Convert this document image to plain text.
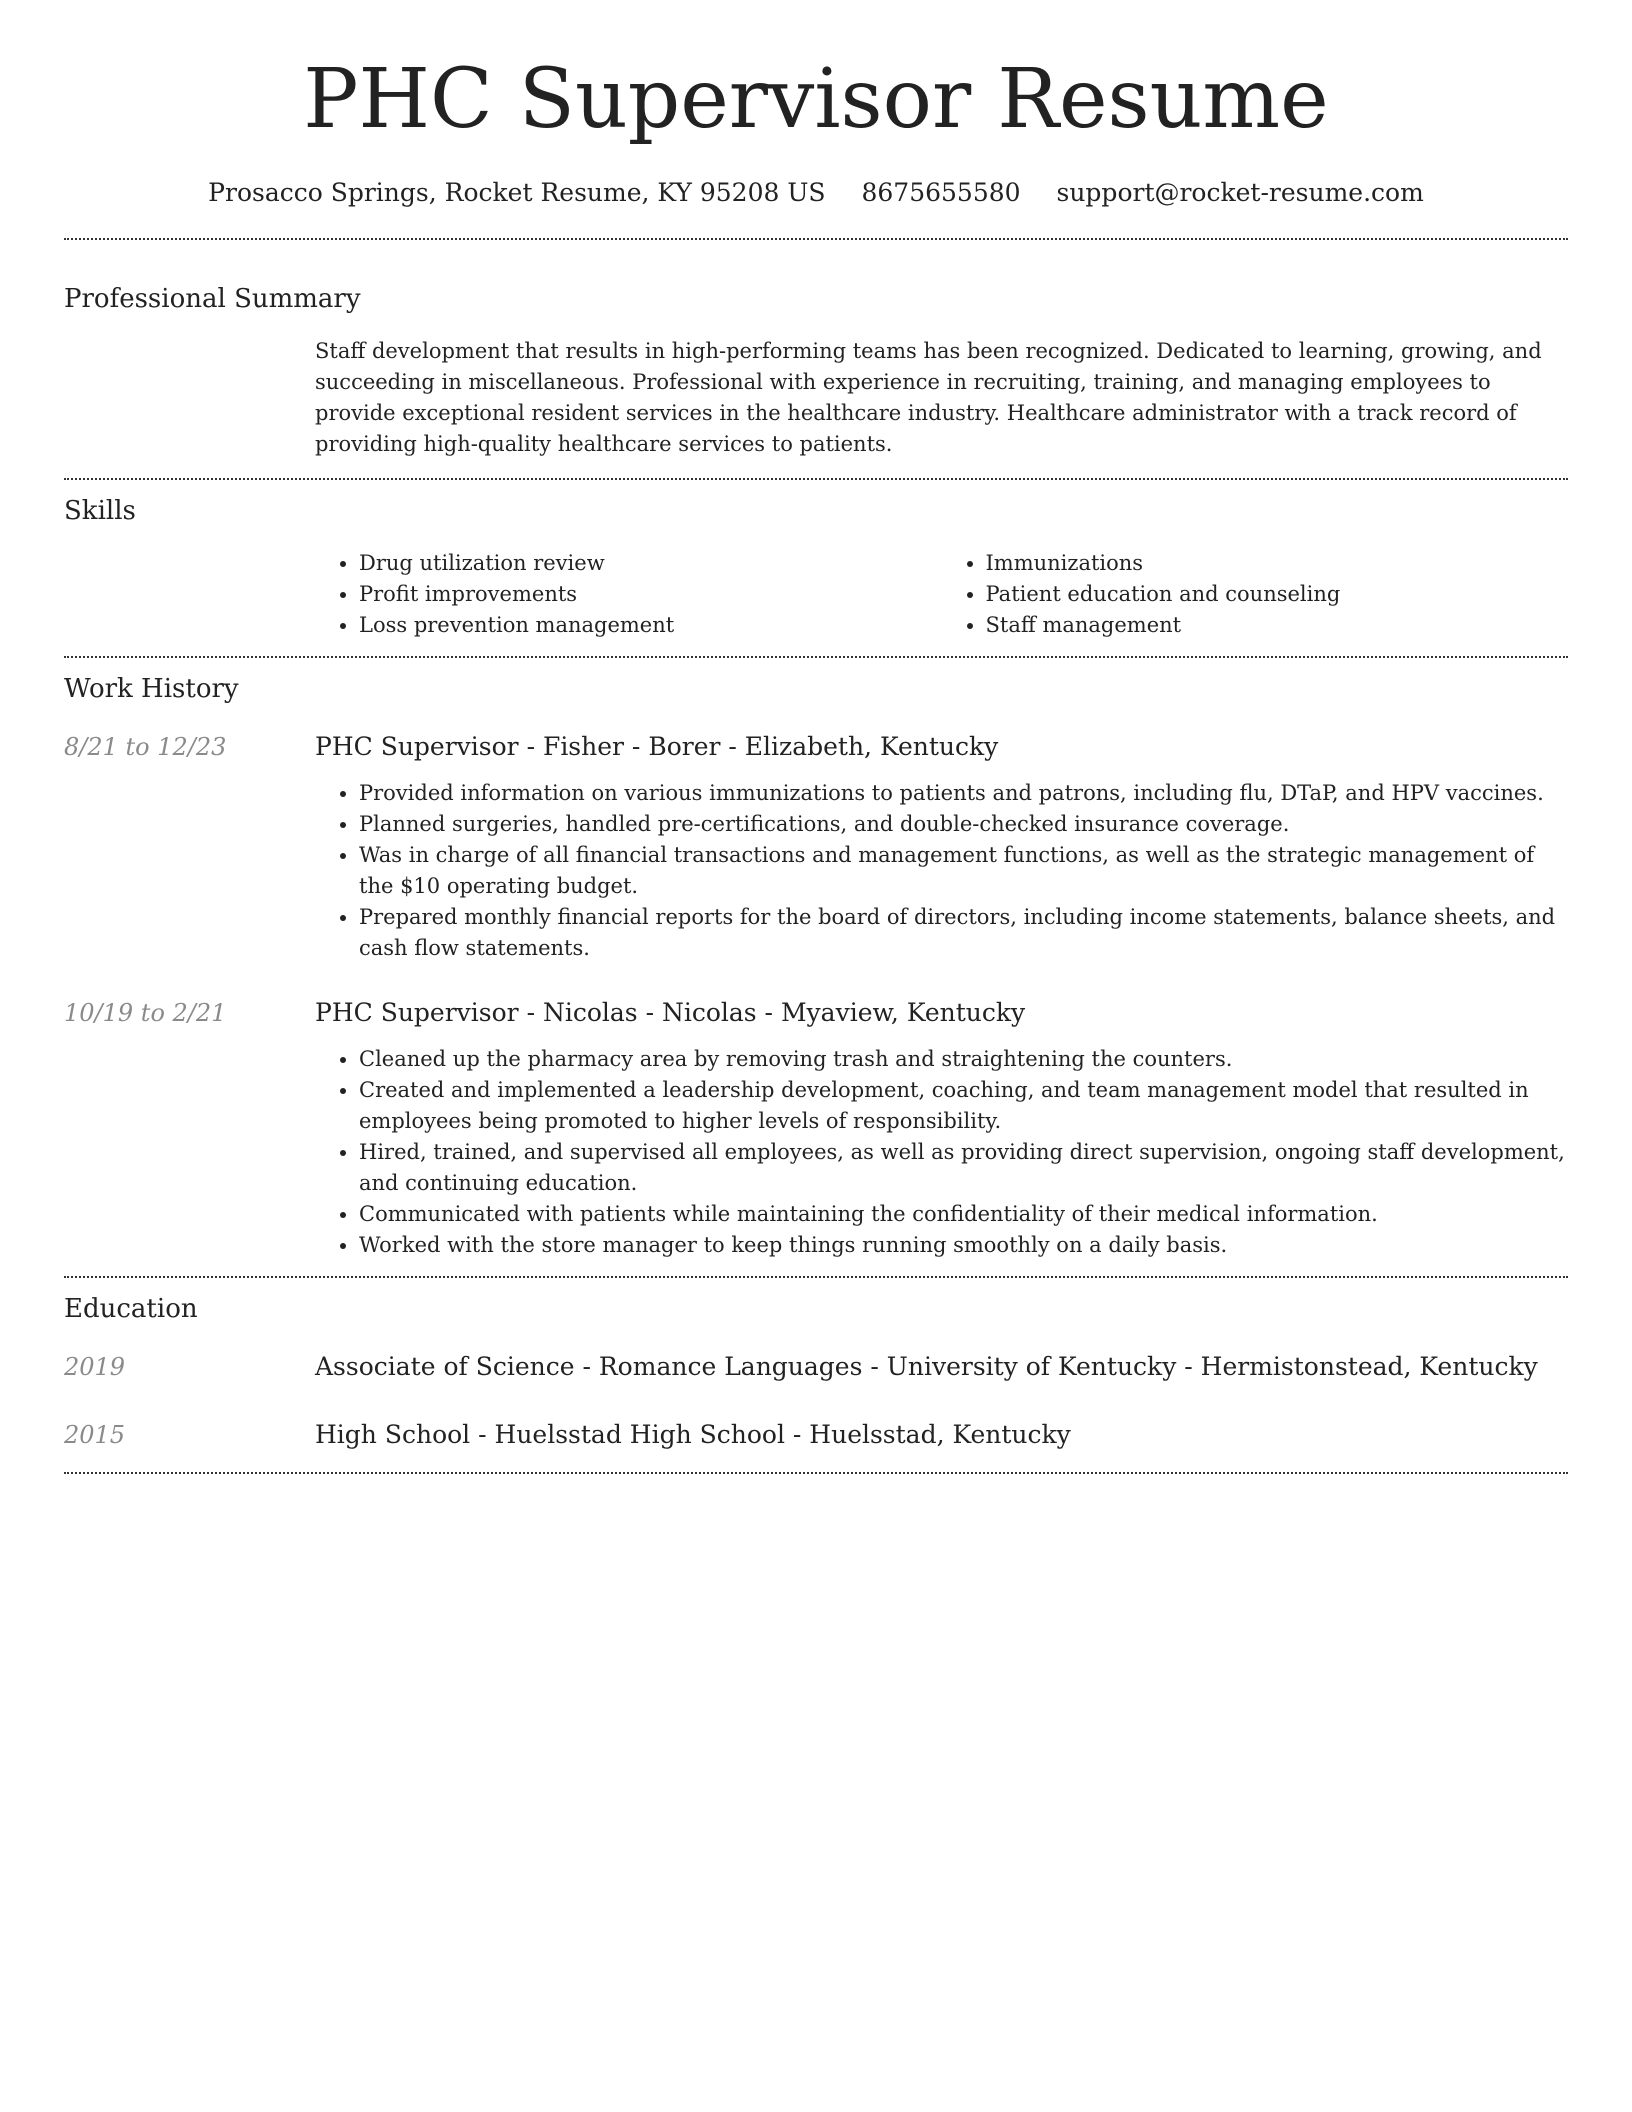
PHC Supervisor Resume
Prosacco Springs, Rocket Resume, KY 95208 US 8675655580 support@rocket-resume.com
Professional Summary

Staff development that results in high-performing teams has been recognized. Dedicated to learning, growing, and succeeding in miscellaneous. Professional with experience in recruiting, training, and managing employees to provide exceptional resident services in the healthcare industry. Healthcare administrator with a track record of providing high-quality healthcare services to patients.

Skills
• Drug utilization review
• Profit improvements
• Loss prevention management
• Immunizations
• Patient education and counseling
• Staff management
Work History
8/21 to 12/23	PHC Supervisor - Fisher - Borer - Elizabeth, Kentucky
• Provided information on various immunizations to patients and patrons, including flu, DTaP, and HPV vaccines.
• Planned surgeries, handled pre-certifications, and double-checked insurance coverage.
• Was in charge of all financial transactions and management functions, as well as the strategic management of the $10 operating budget.
• Prepared monthly financial reports for the board of directors, including income statements, balance sheets, and cash flow statements.
10/19 to 2/21	PHC Supervisor - Nicolas - Nicolas - Myaview, Kentucky
• Cleaned up the pharmacy area by removing trash and straightening the counters.
• Created and implemented a leadership development, coaching, and team management model that resulted in employees being promoted to higher levels of responsibility.
• Hired, trained, and supervised all employees, as well as providing direct supervision, ongoing staff development, and continuing education.
• Communicated with patients while maintaining the confidentiality of their medical information.
• Worked with the store manager to keep things running smoothly on a daily basis.
Education
2019	Associate of Science - Romance Languages - University of Kentucky - Hermistonstead, Kentucky
2015	High School - Huelsstad High School - Huelsstad, Kentucky
